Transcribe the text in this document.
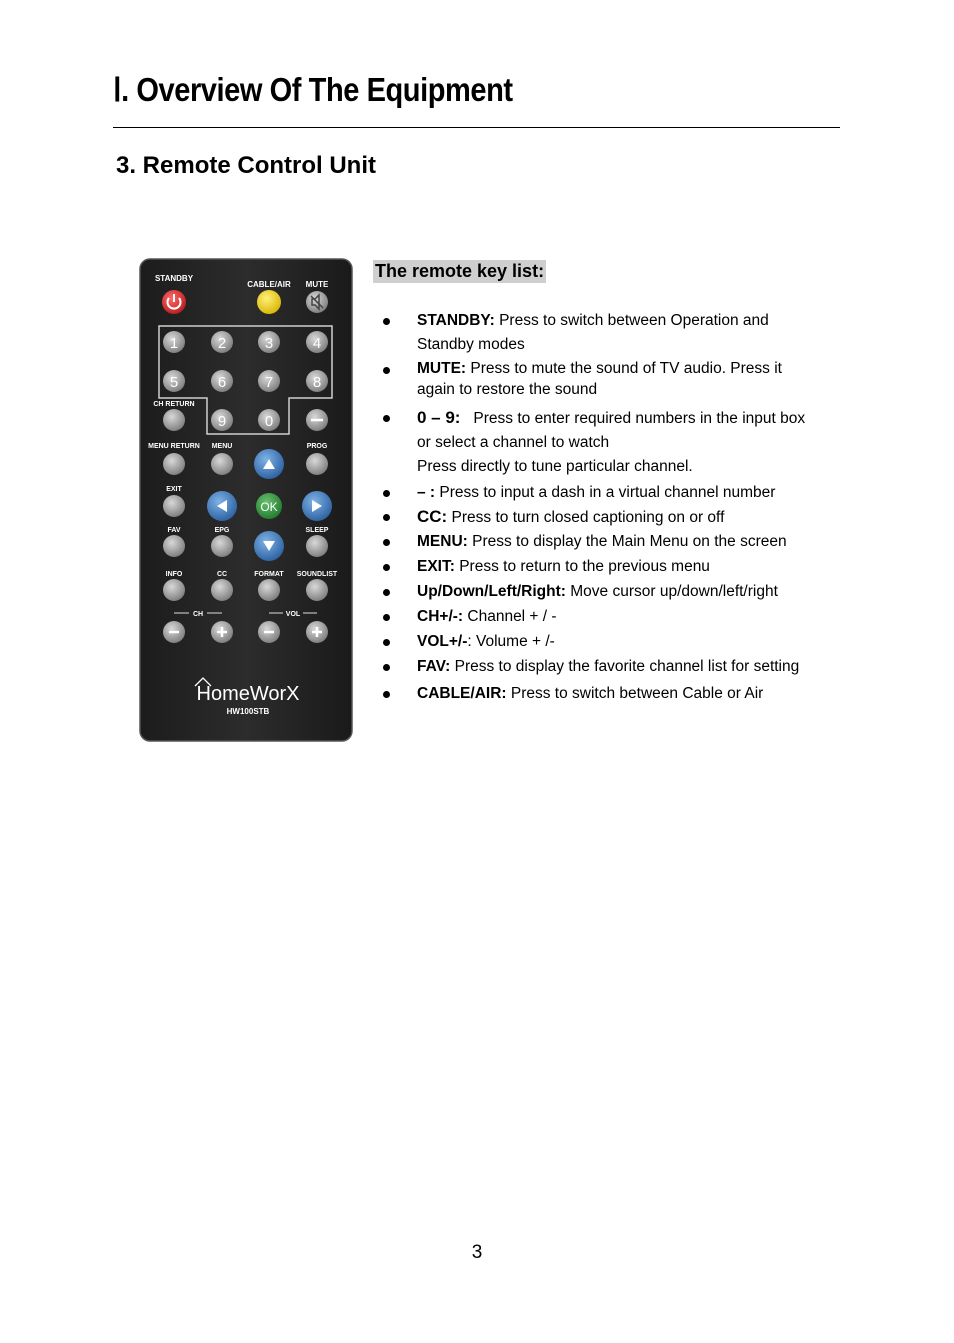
Ⅰ. Overview Of The Equipment
3. Remote Control Unit
STANDBY
CABLE/AIR MUTE
1	2	3	4
5	6	7	8
9	0
CH RETURN
MENU RETURN MENU	PROG
EXIT
OK
FAV	EPG	SLEEP
INFO	CC	FORMAT SOUNDLIST
CH	VOL
HomeWorX
HW100STB
The remote key list:
STANDBY: Press to switch between Operation and
Standby modes
MUTE: Press to mute the sound of TV audio. Press it
again to restore the sound
0 – 9: Press to enter required numbers in the input box
or select a channel to watch
Press directly to tune particular channel.
– : Press to input a dash in a virtual channel number
CC: Press to turn closed captioning on or off
MENU: Press to display the Main Menu on the screen
EXIT: Press to return to the previous menu
Up/Down/Left/Right: Move cursor up/down/left/right
CH+/-: Channel + / -
VOL+/-: Volume + /-
FAV: Press to display the favorite channel list for setting
CABLE/AIR: Press to switch between Cable or Air
3
